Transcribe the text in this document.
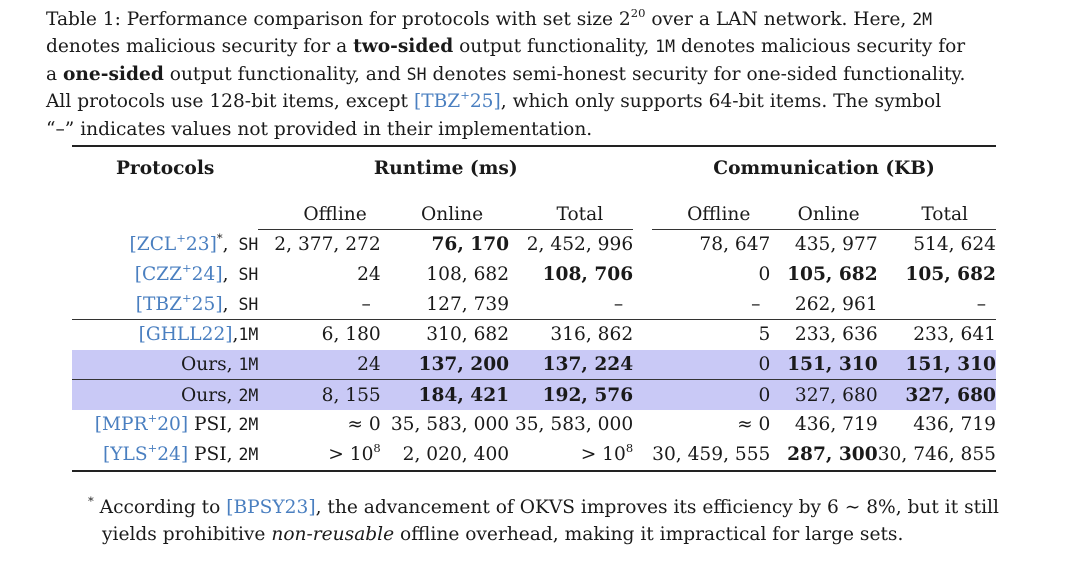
Table 1: Performance comparison for protocols with set size $2^{20}$ over a LAN network. Here, 2M
denotes malicious security for a two-sided output functionality, 1M denotes malicious security for
a one-sided output functionality, and SH denotes semi-honest security for one-sided functionality.
All protocols use 128-bit items, except [TBZ+25], which only supports 64-bit items. The symbol
“–” indicates values not provided in their implementation.
Protocols	Runtime (ms)				Communication (KB)		
	Offline	Online	Total		Offline	Online	Total
[ZCL+23]*, SH	2, 377, 272	76, 170	2, 452, 996		78, 647	435, 977	514, 624
[CZZ+24], SH	24	108, 682	108, 706		0	105, 682	105, 682
[TBZ+25], SH	–	127, 739	–		–	262, 961	–
[GHLL22],1M	6, 180	310, 682	316, 862		5	233, 636	233, 641
Ours, 1M	24	137, 200	137, 224		0	151, 310	151, 310
Ours, 2M	8, 155	184, 421	192, 576		0	327, 680	327, 680
[MPR+20] PSI, 2M	≈ 0	35, 583, 000	35, 583, 000		≈ 0	436, 719	436, 719
[YLS+24] PSI, 2M	> $10^8$	2, 020, 400	> $10^8$		30, 459, 555	287, 300	30, 746, 855
* According to [BPSY23], the advancement of OKVS improves its efficiency by 6 ∼ 8%, but it still
yields prohibitive non-reusable offline overhead, making it impractical for large sets.
